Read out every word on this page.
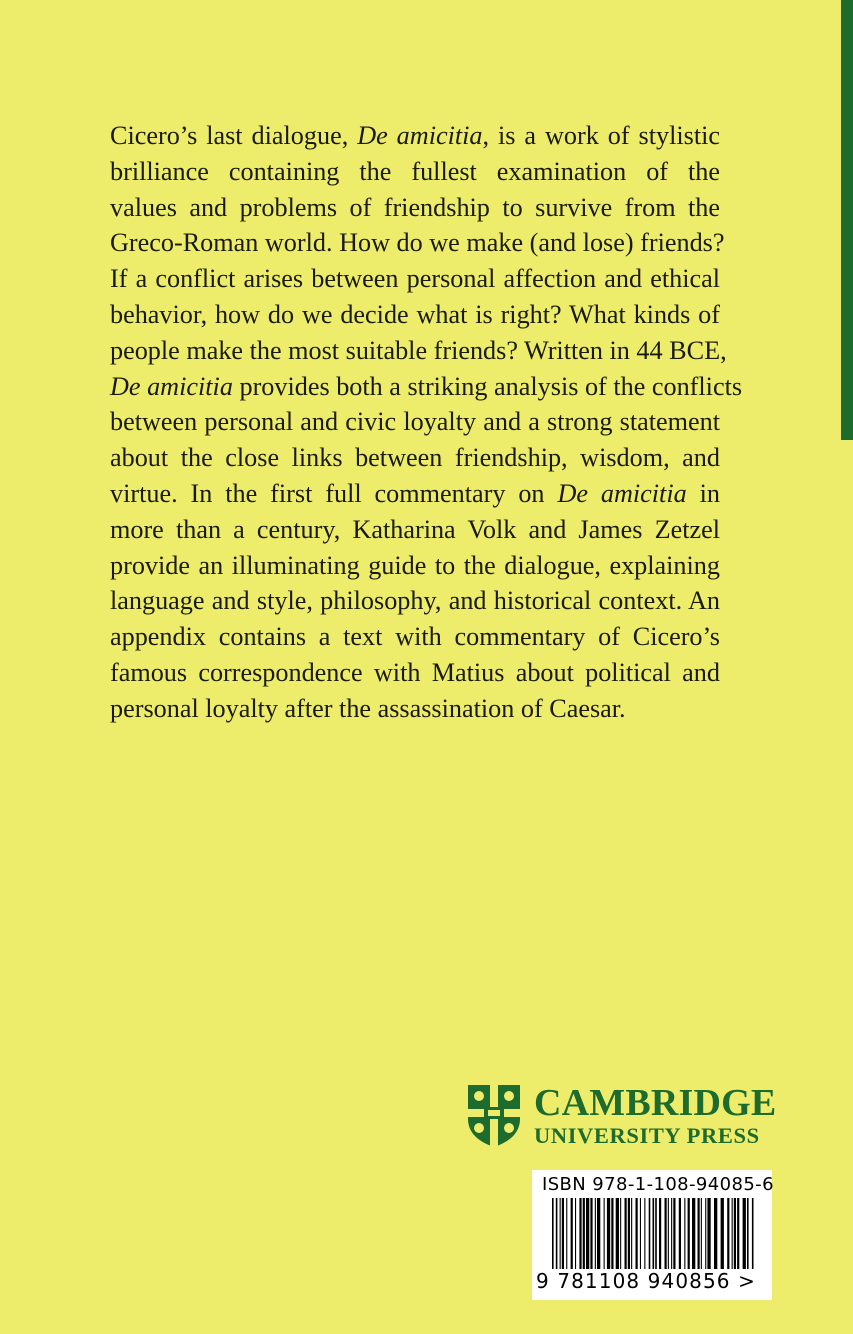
Cicero’s last dialogue, De amicitia, is a work of stylistic
brilliance containing the fullest examination of the
values and problems of friendship to survive from the
Greco-Roman world. How do we make (and lose) friends?
If a conflict arises between personal affection and ethical
behavior, how do we decide what is right? What kinds of
people make the most suitable friends? Written in 44 BCE,
De amicitia provides both a striking analysis of the conflicts
between personal and civic loyalty and a strong statement
about the close links between friendship, wisdom, and
virtue. In the first full commentary on De amicitia in
more than a century, Katharina Volk and James Zetzel
provide an illuminating guide to the dialogue, explaining
language and style, philosophy, and historical context. An
appendix contains a text with commentary of Cicero’s
famous correspondence with Matius about political and
personal loyalty after the assassination of Caesar.

CAMBRIDGE
UNIVERSITY PRESS
ISBN 978-1-108-94085-6
9 781108 940856 >
